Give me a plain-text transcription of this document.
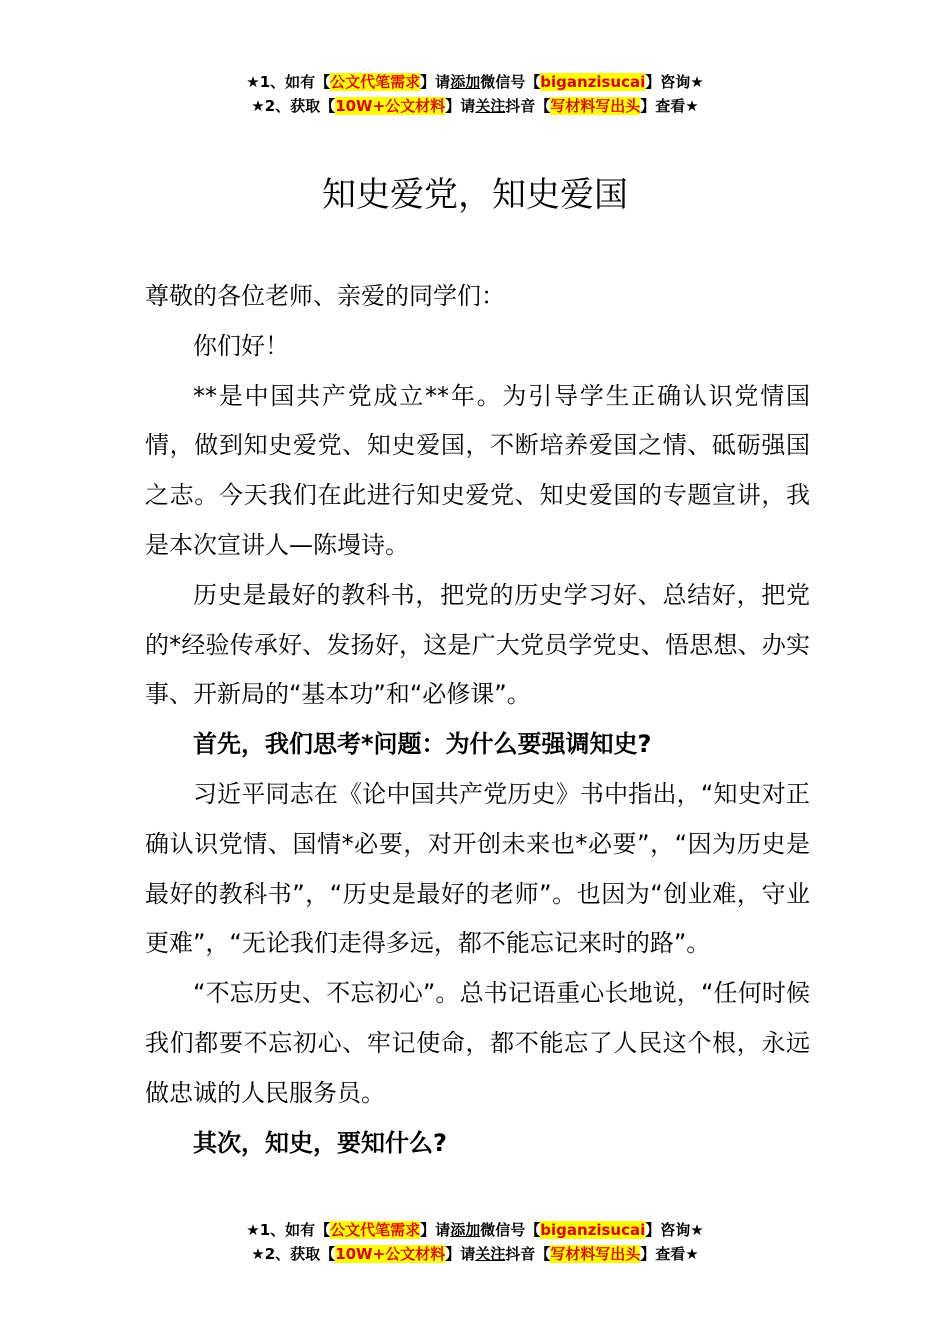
★1、如有【公文代笔需求】请添加微信号【biganzisucai】咨询★
★2、获取【10W+公文材料】请关注抖音【写材料写出头】查看★
知史爱党，知史爱国

尊敬的各位老师、亲爱的同学们：

你们好！

**是中国共产党成立**年。为引导学生正确认识党情国情，做到知史爱党、知史爱国，不断培养爱国之情、砥砺强国之志。今天我们在此进行知史爱党、知史爱国的专题宣讲，我是本次宣讲人—陈墁诗。

历史是最好的教科书，把党的历史学习好、总结好，把党的*经验传承好、发扬好，这是广大党员学党史、悟思想、办实事、开新局的“基本功”和“必修课”。

首先，我们思考*问题：为什么要强调知史?

习近平同志在《论中国共产党历史》书中指出，“知史对正确认识党情、国情*必要，对开创未来也*必要”，“因为历史是最好的教科书”，“历史是最好的老师”。也因为“创业难，守业更难”，“无论我们走得多远，都不能忘记来时的路”。

“不忘历史、不忘初心”。总书记语重心长地说，“任何时候我们都要不忘初心、牢记使命，都不能忘了人民这个根，永远做忠诚的人民服务员。

其次，知史，要知什么?

★1、如有【公文代笔需求】请添加微信号【biganzisucai】咨询★
★2、获取【10W+公文材料】请关注抖音【写材料写出头】查看★
